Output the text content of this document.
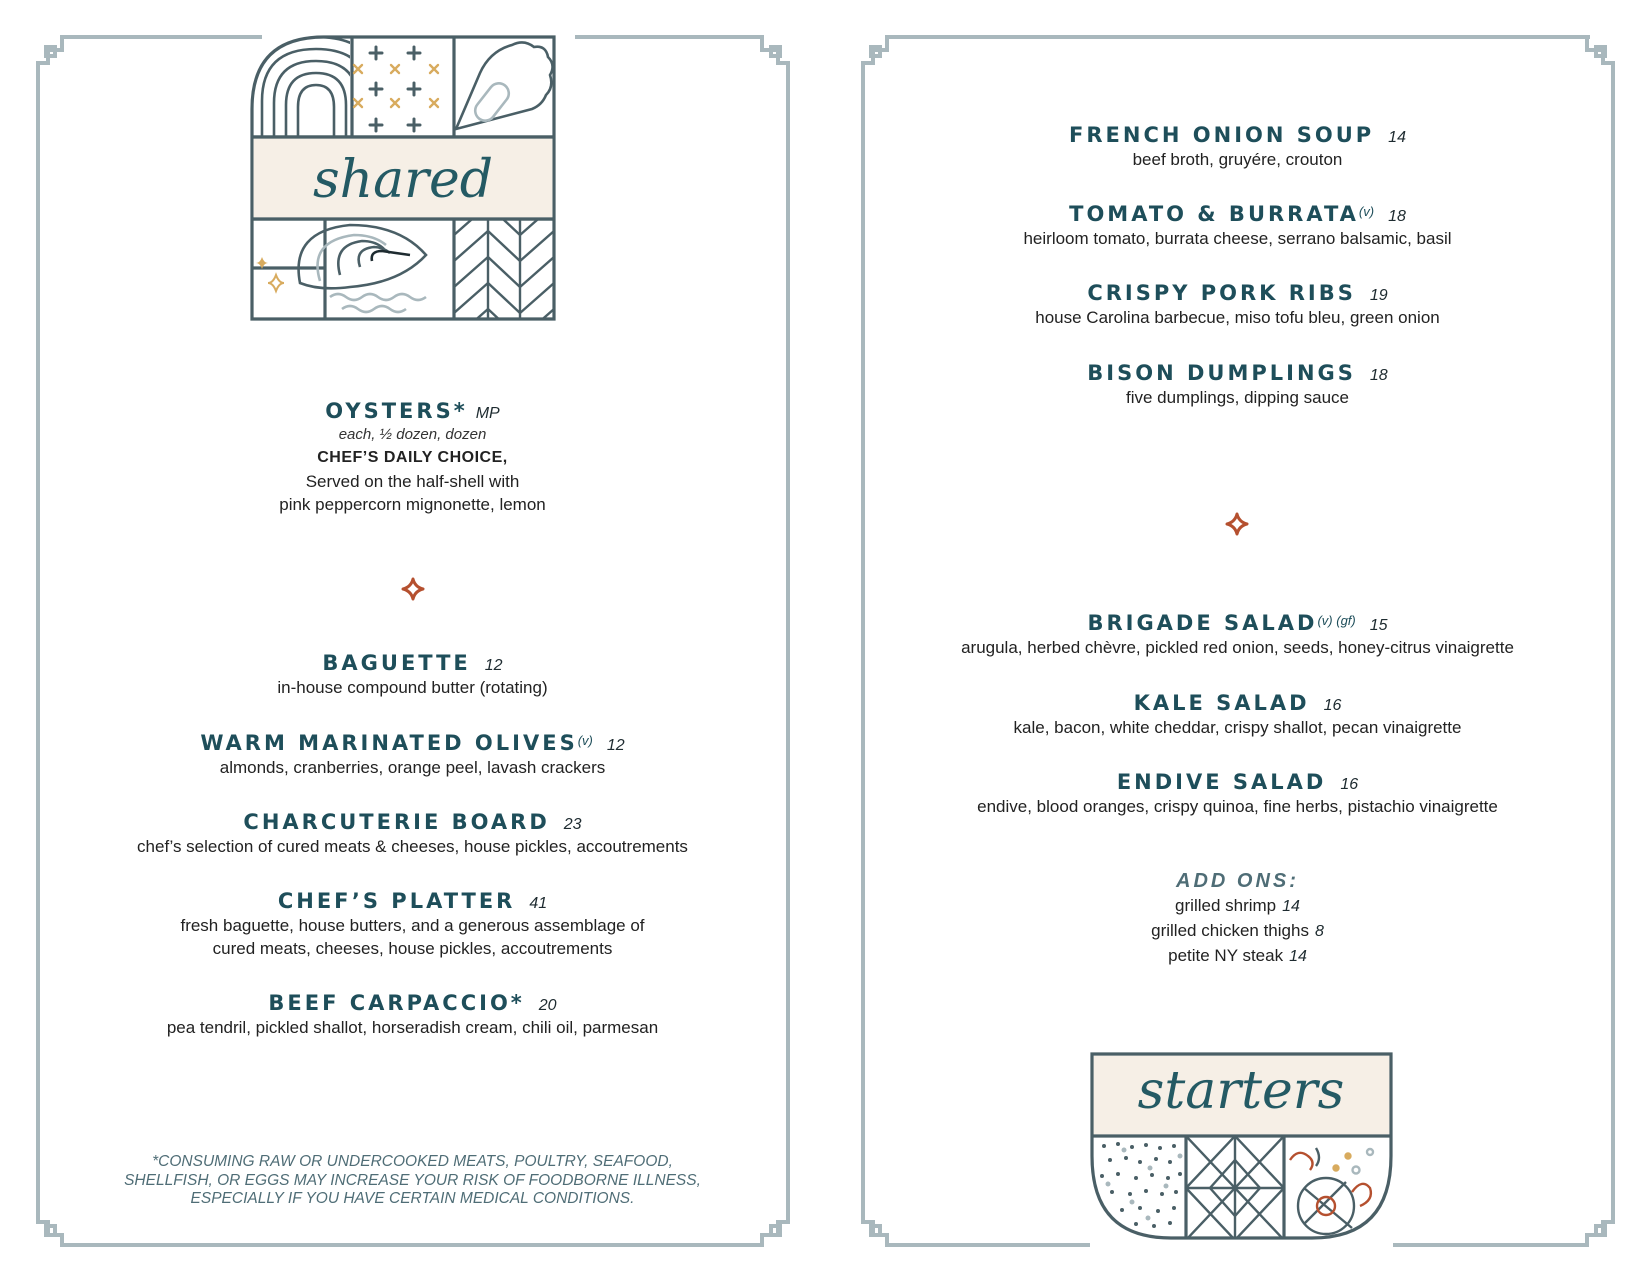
shared
OYSTERS* MP
each, ½ dozen, dozen
CHEF’S DAILY CHOICE,
Served on the half-shell with
pink peppercorn mignonette, lemon
BAGUETTE 12
in-house compound butter (rotating)
WARM MARINATED OLIVES$^{(v)}$ 12
almonds, cranberries, orange peel, lavash crackers
CHARCUTERIE BOARD 23
chef’s selection of cured meats & cheeses, house pickles, accoutrements
CHEF’S PLATTER 41
fresh baguette, house butters, and a generous assemblage of
cured meats, cheeses, house pickles, accoutrements
BEEF CARPACCIO* 20
pea tendril, pickled shallot, horseradish cream, chili oil, parmesan
*CONSUMING RAW OR UNDERCOOKED MEATS, POULTRY, SEAFOOD,
SHELLFISH, OR EGGS MAY INCREASE YOUR RISK OF FOODBORNE ILLNESS,
ESPECIALLY IF YOU HAVE CERTAIN MEDICAL CONDITIONS.
FRENCH ONION SOUP 14
beef broth, gruyére, crouton
TOMATO & BURRATA$^{(v)}$ 18
heirloom tomato, burrata cheese, serrano balsamic, basil
CRISPY PORK RIBS 19
house Carolina barbecue, miso tofu bleu, green onion
BISON DUMPLINGS 18
five dumplings, dipping sauce
BRIGADE $SALAD^{(v) (gf)}$ 15
arugula, herbed chèvre, pickled red onion, seeds, honey-citrus vinaigrette
KALE SALAD 16
kale, bacon, white cheddar, crispy shallot, pecan vinaigrette
ENDIVE SALAD 16
endive, blood oranges, crispy quinoa, fine herbs, pistachio vinaigrette
ADD ONS:
grilled shrimp 14
grilled chicken thighs 8
petite NY steak 14
starters
